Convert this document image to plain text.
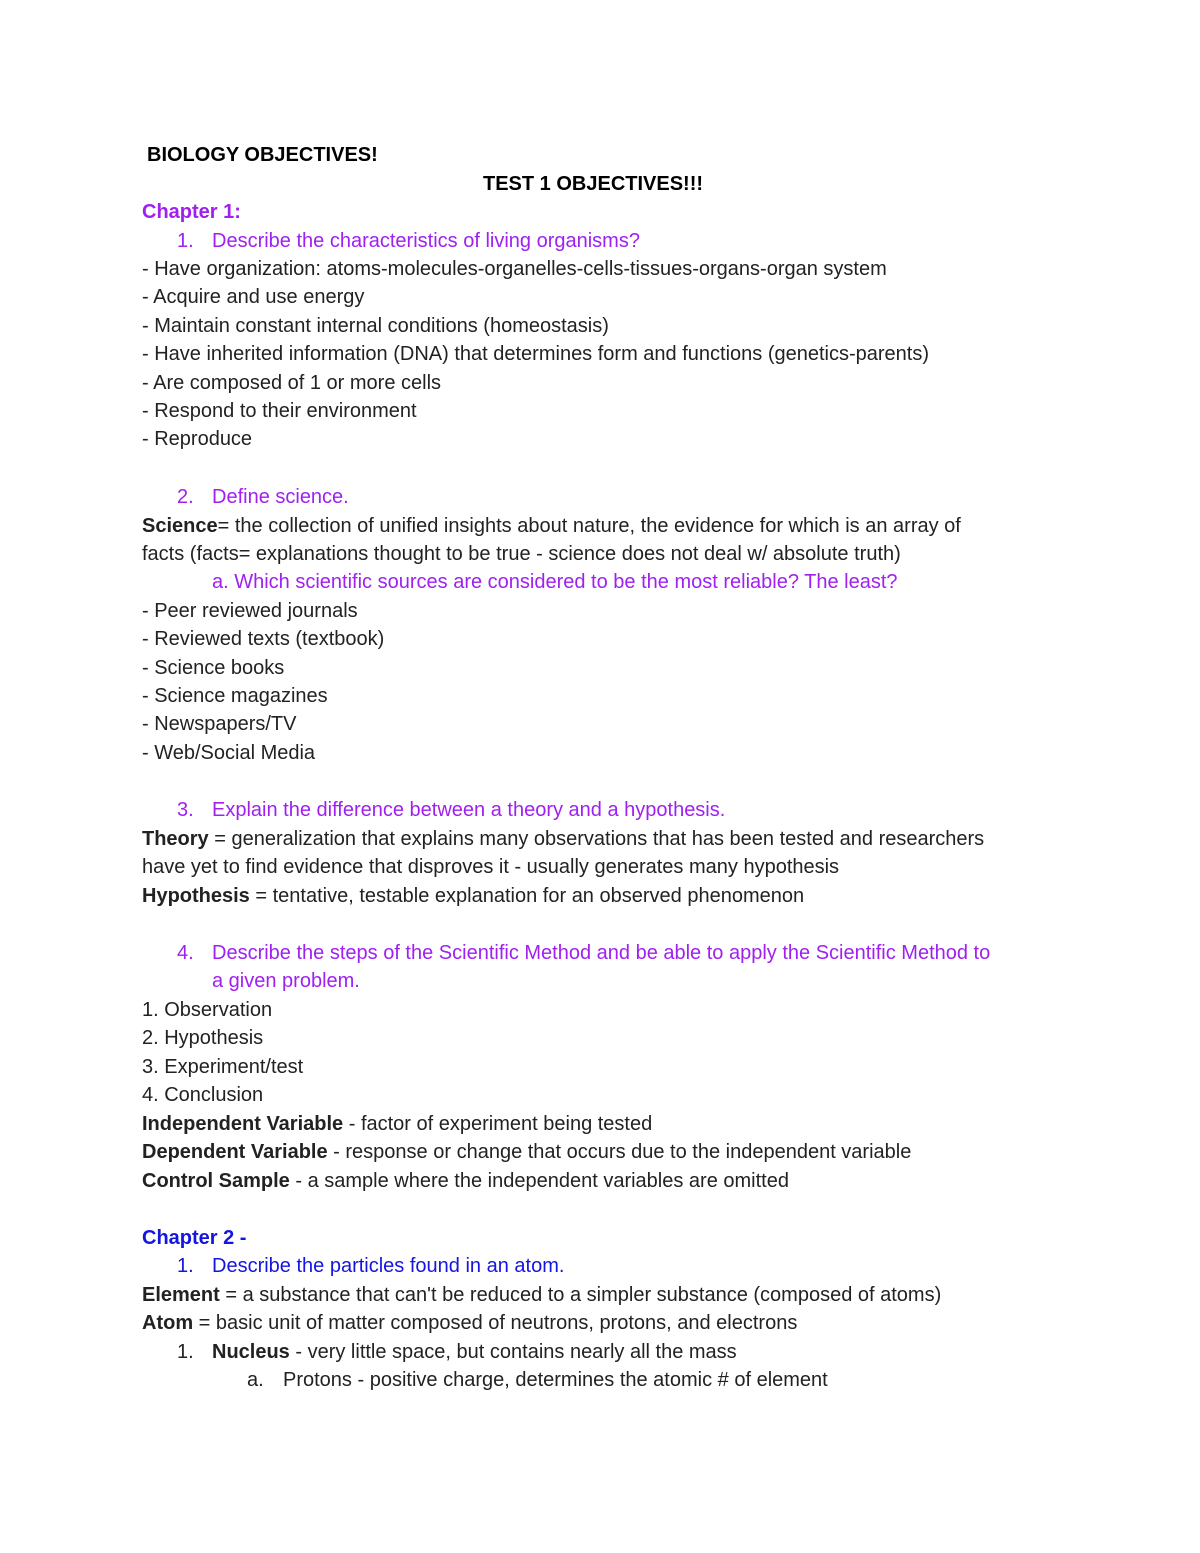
BIOLOGY OBJECTIVES!
TEST 1 OBJECTIVES!!!
Chapter 1:
1. Describe the characteristics of living organisms?
- Have organization: atoms-molecules-organelles-cells-tissues-organs-organ system
- Acquire and use energy
- Maintain constant internal conditions (homeostasis)
- Have inherited information (DNA) that determines form and functions (genetics-parents)
- Are composed of 1 or more cells
- Respond to their environment
- Reproduce
2. Define science.
Science= the collection of unified insights about nature, the evidence for which is an array of
facts (facts= explanations thought to be true - science does not deal w/ absolute truth)
a. Which scientific sources are considered to be the most reliable? The least?
- Peer reviewed journals
- Reviewed texts (textbook)
- Science books
- Science magazines
- Newspapers/TV
- Web/Social Media
3. Explain the difference between a theory and a hypothesis.
Theory = generalization that explains many observations that has been tested and researchers
have yet to find evidence that disproves it - usually generates many hypothesis
Hypothesis = tentative, testable explanation for an observed phenomenon
4. Describe the steps of the Scientific Method and be able to apply the Scientific Method to
a given problem.
1. Observation
2. Hypothesis
3. Experiment/test
4. Conclusion
Independent Variable - factor of experiment being tested
Dependent Variable - response or change that occurs due to the independent variable
Control Sample - a sample where the independent variables are omitted
Chapter 2 -
1. Describe the particles found in an atom.
Element = a substance that can't be reduced to a simpler substance (composed of atoms)
Atom = basic unit of matter composed of neutrons, protons, and electrons
1. Nucleus - very little space, but contains nearly all the mass
a. Protons - positive charge, determines the atomic # of element
